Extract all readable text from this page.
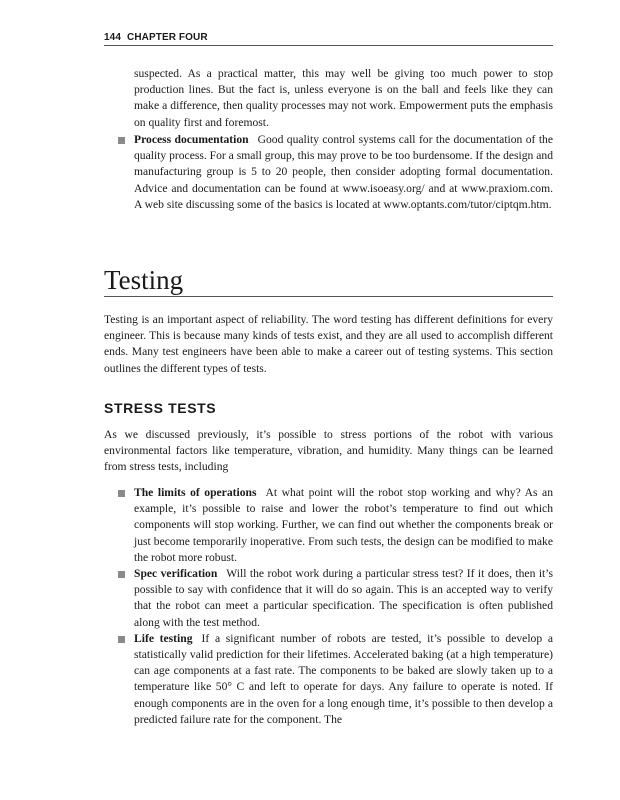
144 CHAPTER FOUR
suspected. As a practical matter, this may well be giving too much power to stop production lines. But the fact is, unless everyone is on the ball and feels like they can make a difference, then quality processes may not work. Empowerment puts the emphasis on quality first and foremost.
Process documentation Good quality control systems call for the documentation of the quality process. For a small group, this may prove to be too burdensome. If the design and manufacturing group is 5 to 20 people, then consider adopting formal documentation. Advice and documentation can be found at www.isoeasy.org/ and at www.praxiom.com. A web site discussing some of the basics is located at www.optants.com/tutor/ciptqm.htm.
Testing
Testing is an important aspect of reliability. The word testing has different definitions for every engineer. This is because many kinds of tests exist, and they are all used to accomplish different ends. Many test engineers have been able to make a career out of testing systems. This section outlines the different types of tests.
STRESS TESTS
As we discussed previously, it’s possible to stress portions of the robot with various environmental factors like temperature, vibration, and humidity. Many things can be learned from stress tests, including
The limits of operations At what point will the robot stop working and why? As an example, it’s possible to raise and lower the robot’s temperature to find out which components will stop working. Further, we can find out whether the components break or just become temporarily inoperative. From such tests, the design can be modified to make the robot more robust.
Spec verification Will the robot work during a particular stress test? If it does, then it’s possible to say with confidence that it will do so again. This is an accepted way to verify that the robot can meet a particular specification. The specification is often published along with the test method.
Life testing If a significant number of robots are tested, it’s possible to develop a statistically valid prediction for their lifetimes. Accelerated baking (at a high temperature) can age components at a fast rate. The components to be baked are slowly taken up to a temperature like 50° C and left to operate for days. Any failure to operate is noted. If enough components are in the oven for a long enough time, it’s possible to then develop a predicted failure rate for the component. The
